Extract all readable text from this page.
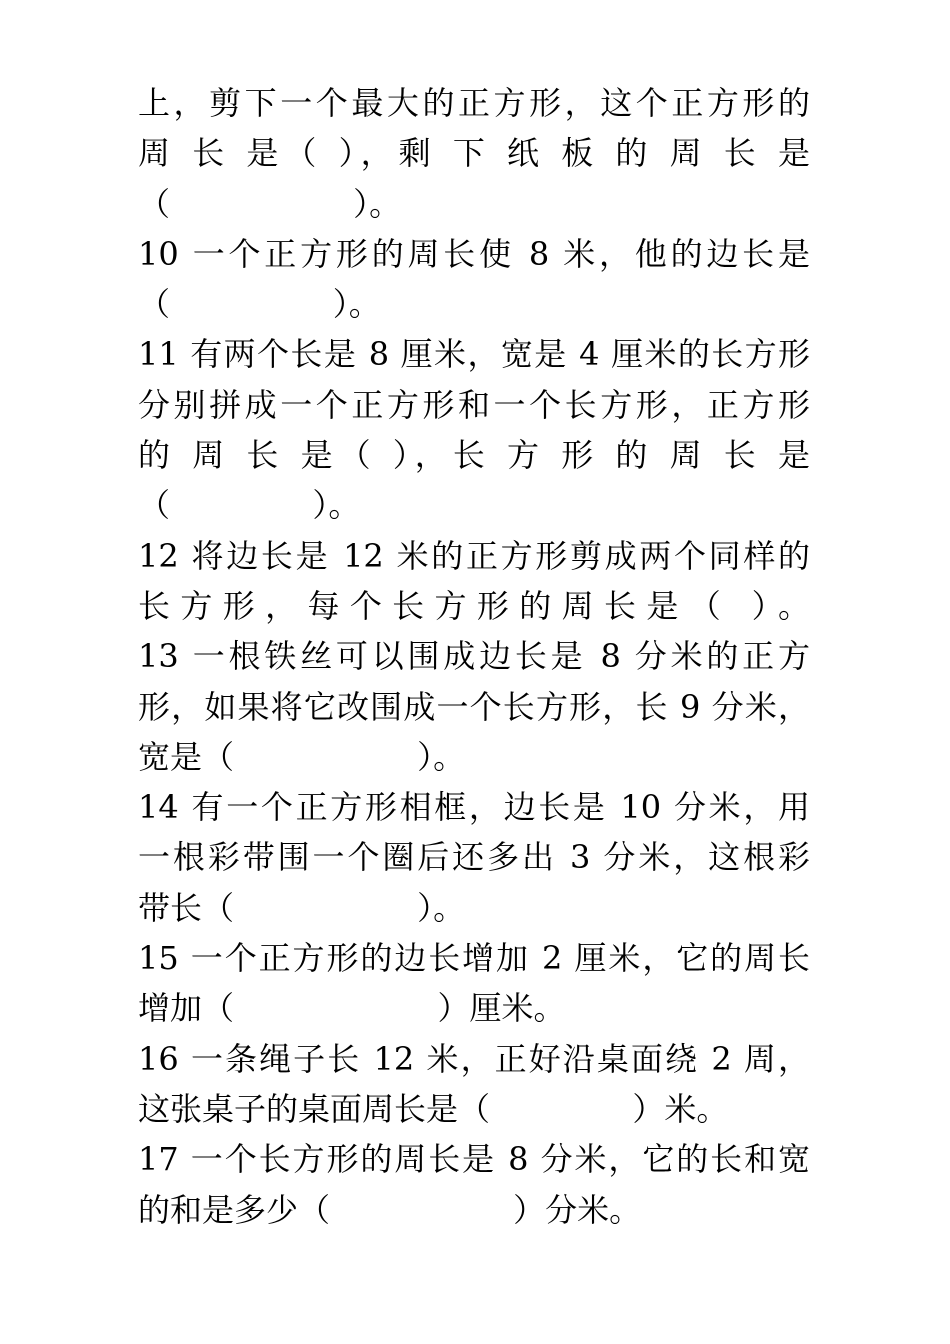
上，剪下一个最大的正方形，这个正方形的
周 长 是（ ），剩 下 纸 板 的 周 长 是
（                  ）。
10 一个正方形的周长使 8 米，他的边长是
（                ）。
11 有两个长是 8 厘米，宽是 4 厘米的长方形
分别拼成一个正方形和一个长方形，正方形
的 周 长 是（ ），长 方 形 的 周 长 是
（              ）。
12 将边长是 12 米的正方形剪成两个同样的
长方形，每个长方形的周长是（ ）。
13 一根铁丝可以围成边长是 8 分米的正方
形，如果将它改围成一个长方形，长 9 分米，
宽是（                  ）。
14 有一个正方形相框，边长是 10 分米，用
一根彩带围一个圈后还多出 3 分米，这根彩
带长（                  ）。
15 一个正方形的边长增加 2 厘米，它的周长
增加（                    ）厘米。
16 一条绳子长 12 米，正好沿桌面绕 2 周，
这张桌子的桌面周长是（              ）米。
17 一个长方形的周长是 8 分米，它的长和宽
的和是多少（                  ）分米。
